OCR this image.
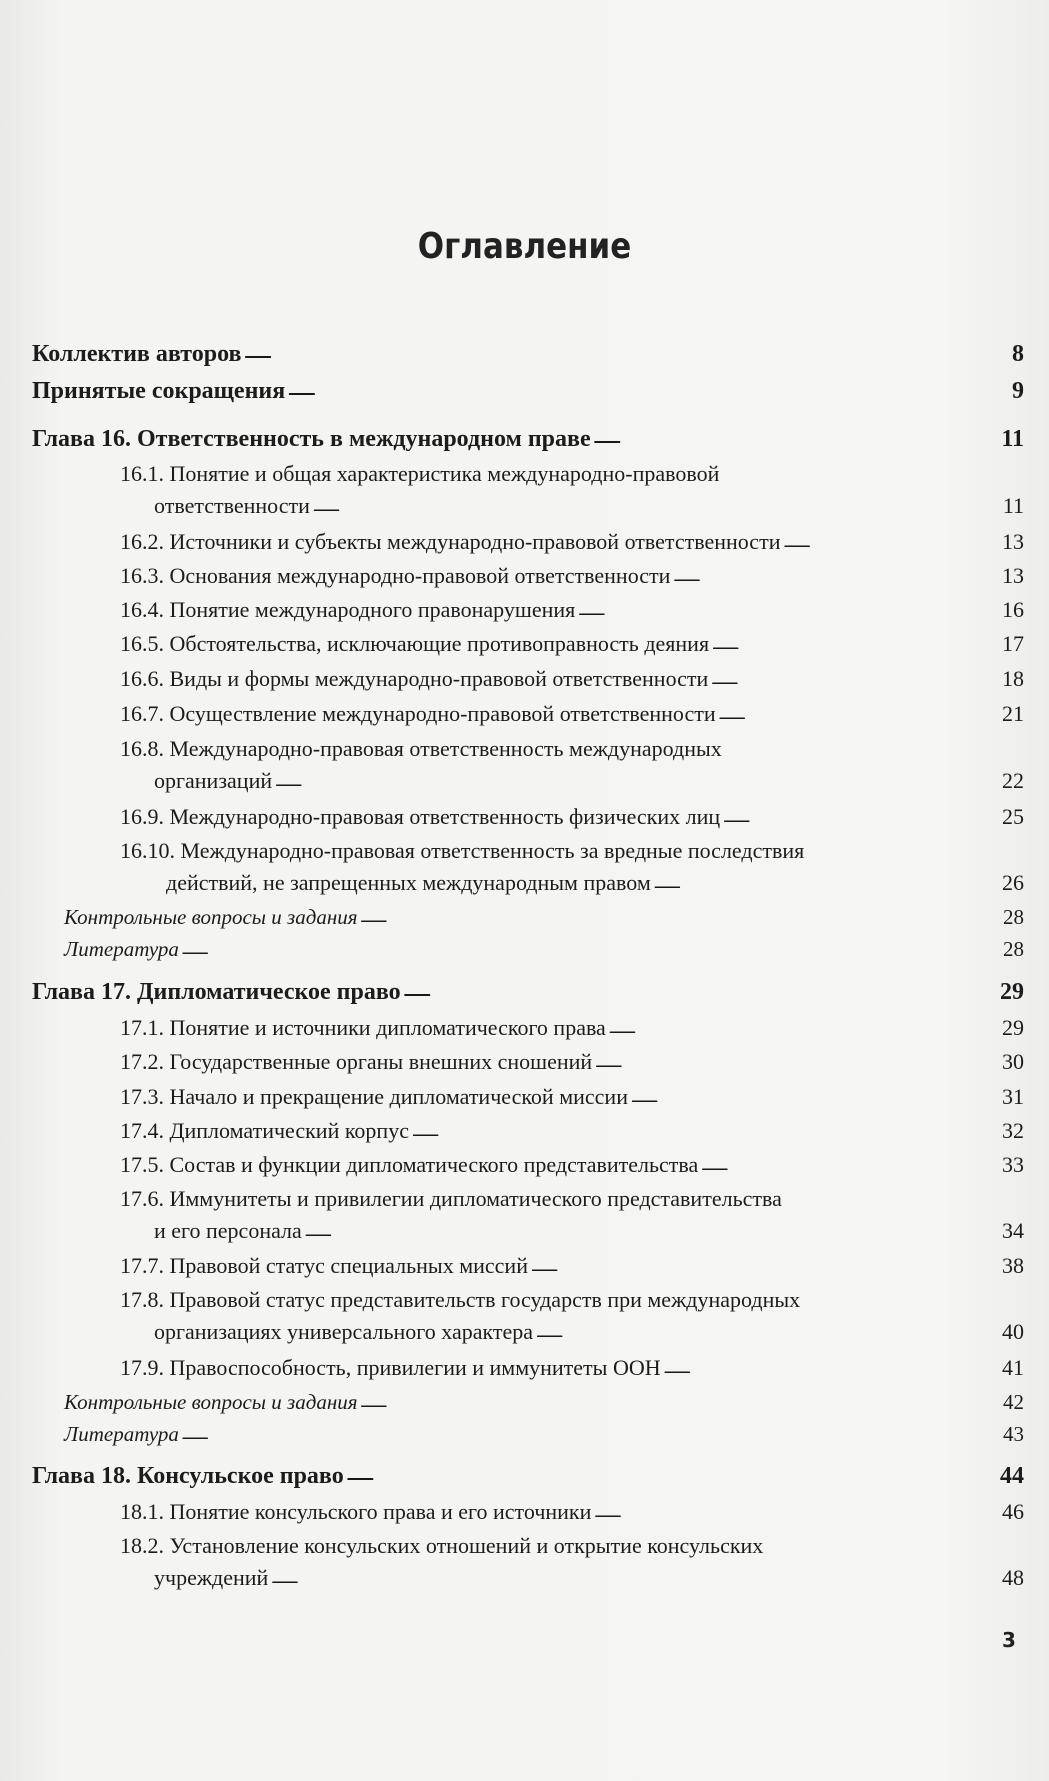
Оглавление
Коллектив авторов . . .	8
Принятые сокращения . . .	9
Глава 16. Ответственность в международном праве . . .	11
16.1. Понятие и общая характеристика международно-правовой
ответственности . . .	11
16.2. Источники и субъекты международно-правовой ответственности . . .	13
16.3. Основания международно-правовой ответственности . . .	13
16.4. Понятие международного правонарушения . . .	16
16.5. Обстоятельства, исключающие противоправность деяния . . .	17
16.6. Виды и формы международно-правовой ответственности . . .	18
16.7. Осуществление международно-правовой ответственности . . .	21
16.8. Международно-правовая ответственность международных
организаций . . .	22
16.9. Международно-правовая ответственность физических лиц . . .	25
16.10. Международно-правовая ответственность за вредные последствия
действий, не запрещенных международным правом . . .	26
Контрольные вопросы и задания . . .	28
Литература . . .	28
Глава 17. Дипломатическое право . . .	29
17.1. Понятие и источники дипломатического права . . .	29
17.2. Государственные органы внешних сношений . . .	30
17.3. Начало и прекращение дипломатической миссии . . .	31
17.4. Дипломатический корпус . . .	32
17.5. Состав и функции дипломатического представительства . . .	33
17.6. Иммунитеты и привилегии дипломатического представительства
и его персонала . . .	34
17.7. Правовой статус специальных миссий . . .	38
17.8. Правовой статус представительств государств при международных
организациях универсального характера . . .	40
17.9. Правоспособность, привилегии и иммунитеты ООН . . .	41
Контрольные вопросы и задания . . .	42
Литература . . .	43
Глава 18. Консульское право . . .	44
18.1. Понятие консульского права и его источники . . .	46
18.2. Установление консульских отношений и открытие консульских
учреждений . . .	48
3
